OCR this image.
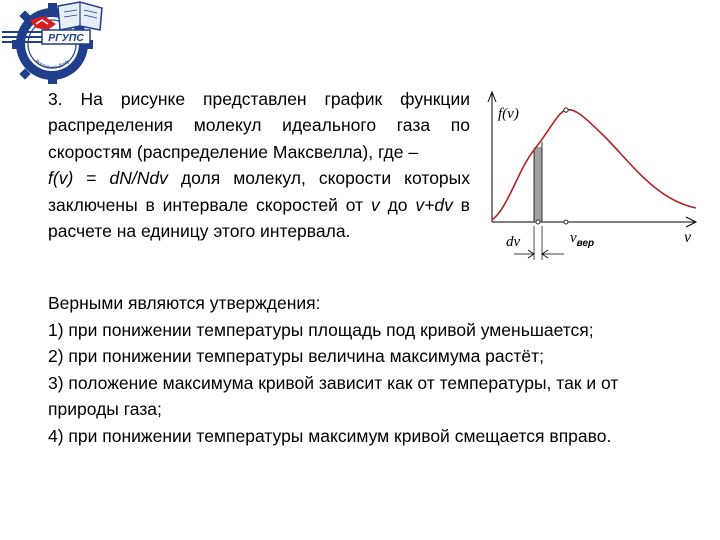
РГУПС
Ростов-на-Дону
3. На рисунке представлен график функции распределения молекул идеального газа по скоростям (распределение Максвелла), где –
f(v) = dN/Ndv доля молекул, скорости которых заключены в интервале скоростей от v до v+dv в расчете на единицу этого интервала.
f(v)
dv	$v_{вер}$	v

Верными являются утверждения:

1) при понижении температуры площадь под кривой уменьшается;

2) при понижении температуры величина максимума растёт;

3) положение максимума кривой зависит как от температуры, так и от природы газа;

4) при понижении температуры максимум кривой смещается вправо.
